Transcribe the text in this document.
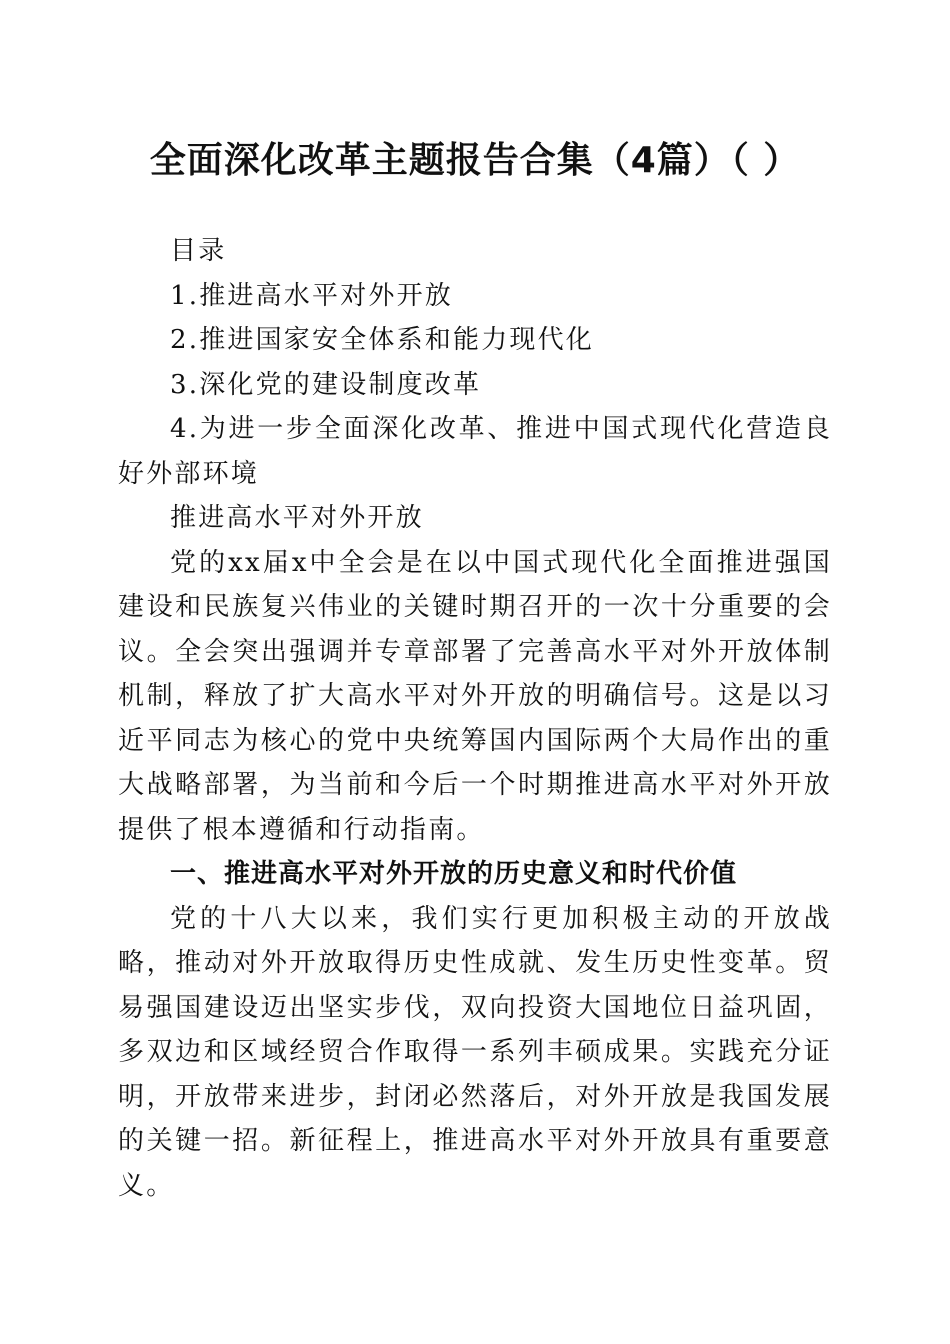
全面深化改革主题报告合集（4篇）（ ）

目录

1.推进高水平对外开放

2.推进国家安全体系和能力现代化

3.深化党的建设制度改革

4.为进一步全面深化改革、推进中国式现代化营造良好外部环境

推进高水平对外开放

党的xx届x中全会是在以中国式现代化全面推进强国建设和民族复兴伟业的关键时期召开的一次十分重要的会议。全会突出强调并专章部署了完善高水平对外开放体制机制，释放了扩大高水平对外开放的明确信号。这是以习近平同志为核心的党中央统筹国内国际两个大局作出的重大战略部署，为当前和今后一个时期推进高水平对外开放提供了根本遵循和行动指南。

一、推进高水平对外开放的历史意义和时代价值

党的十八大以来，我们实行更加积极主动的开放战略，推动对外开放取得历史性成就、发生历史性变革。贸易强国建设迈出坚实步伐，双向投资大国地位日益巩固，多双边和区域经贸合作取得一系列丰硕成果。实践充分证明，开放带来进步，封闭必然落后，对外开放是我国发展的关键一招。新征程上，推进高水平对外开放具有重要意义。
